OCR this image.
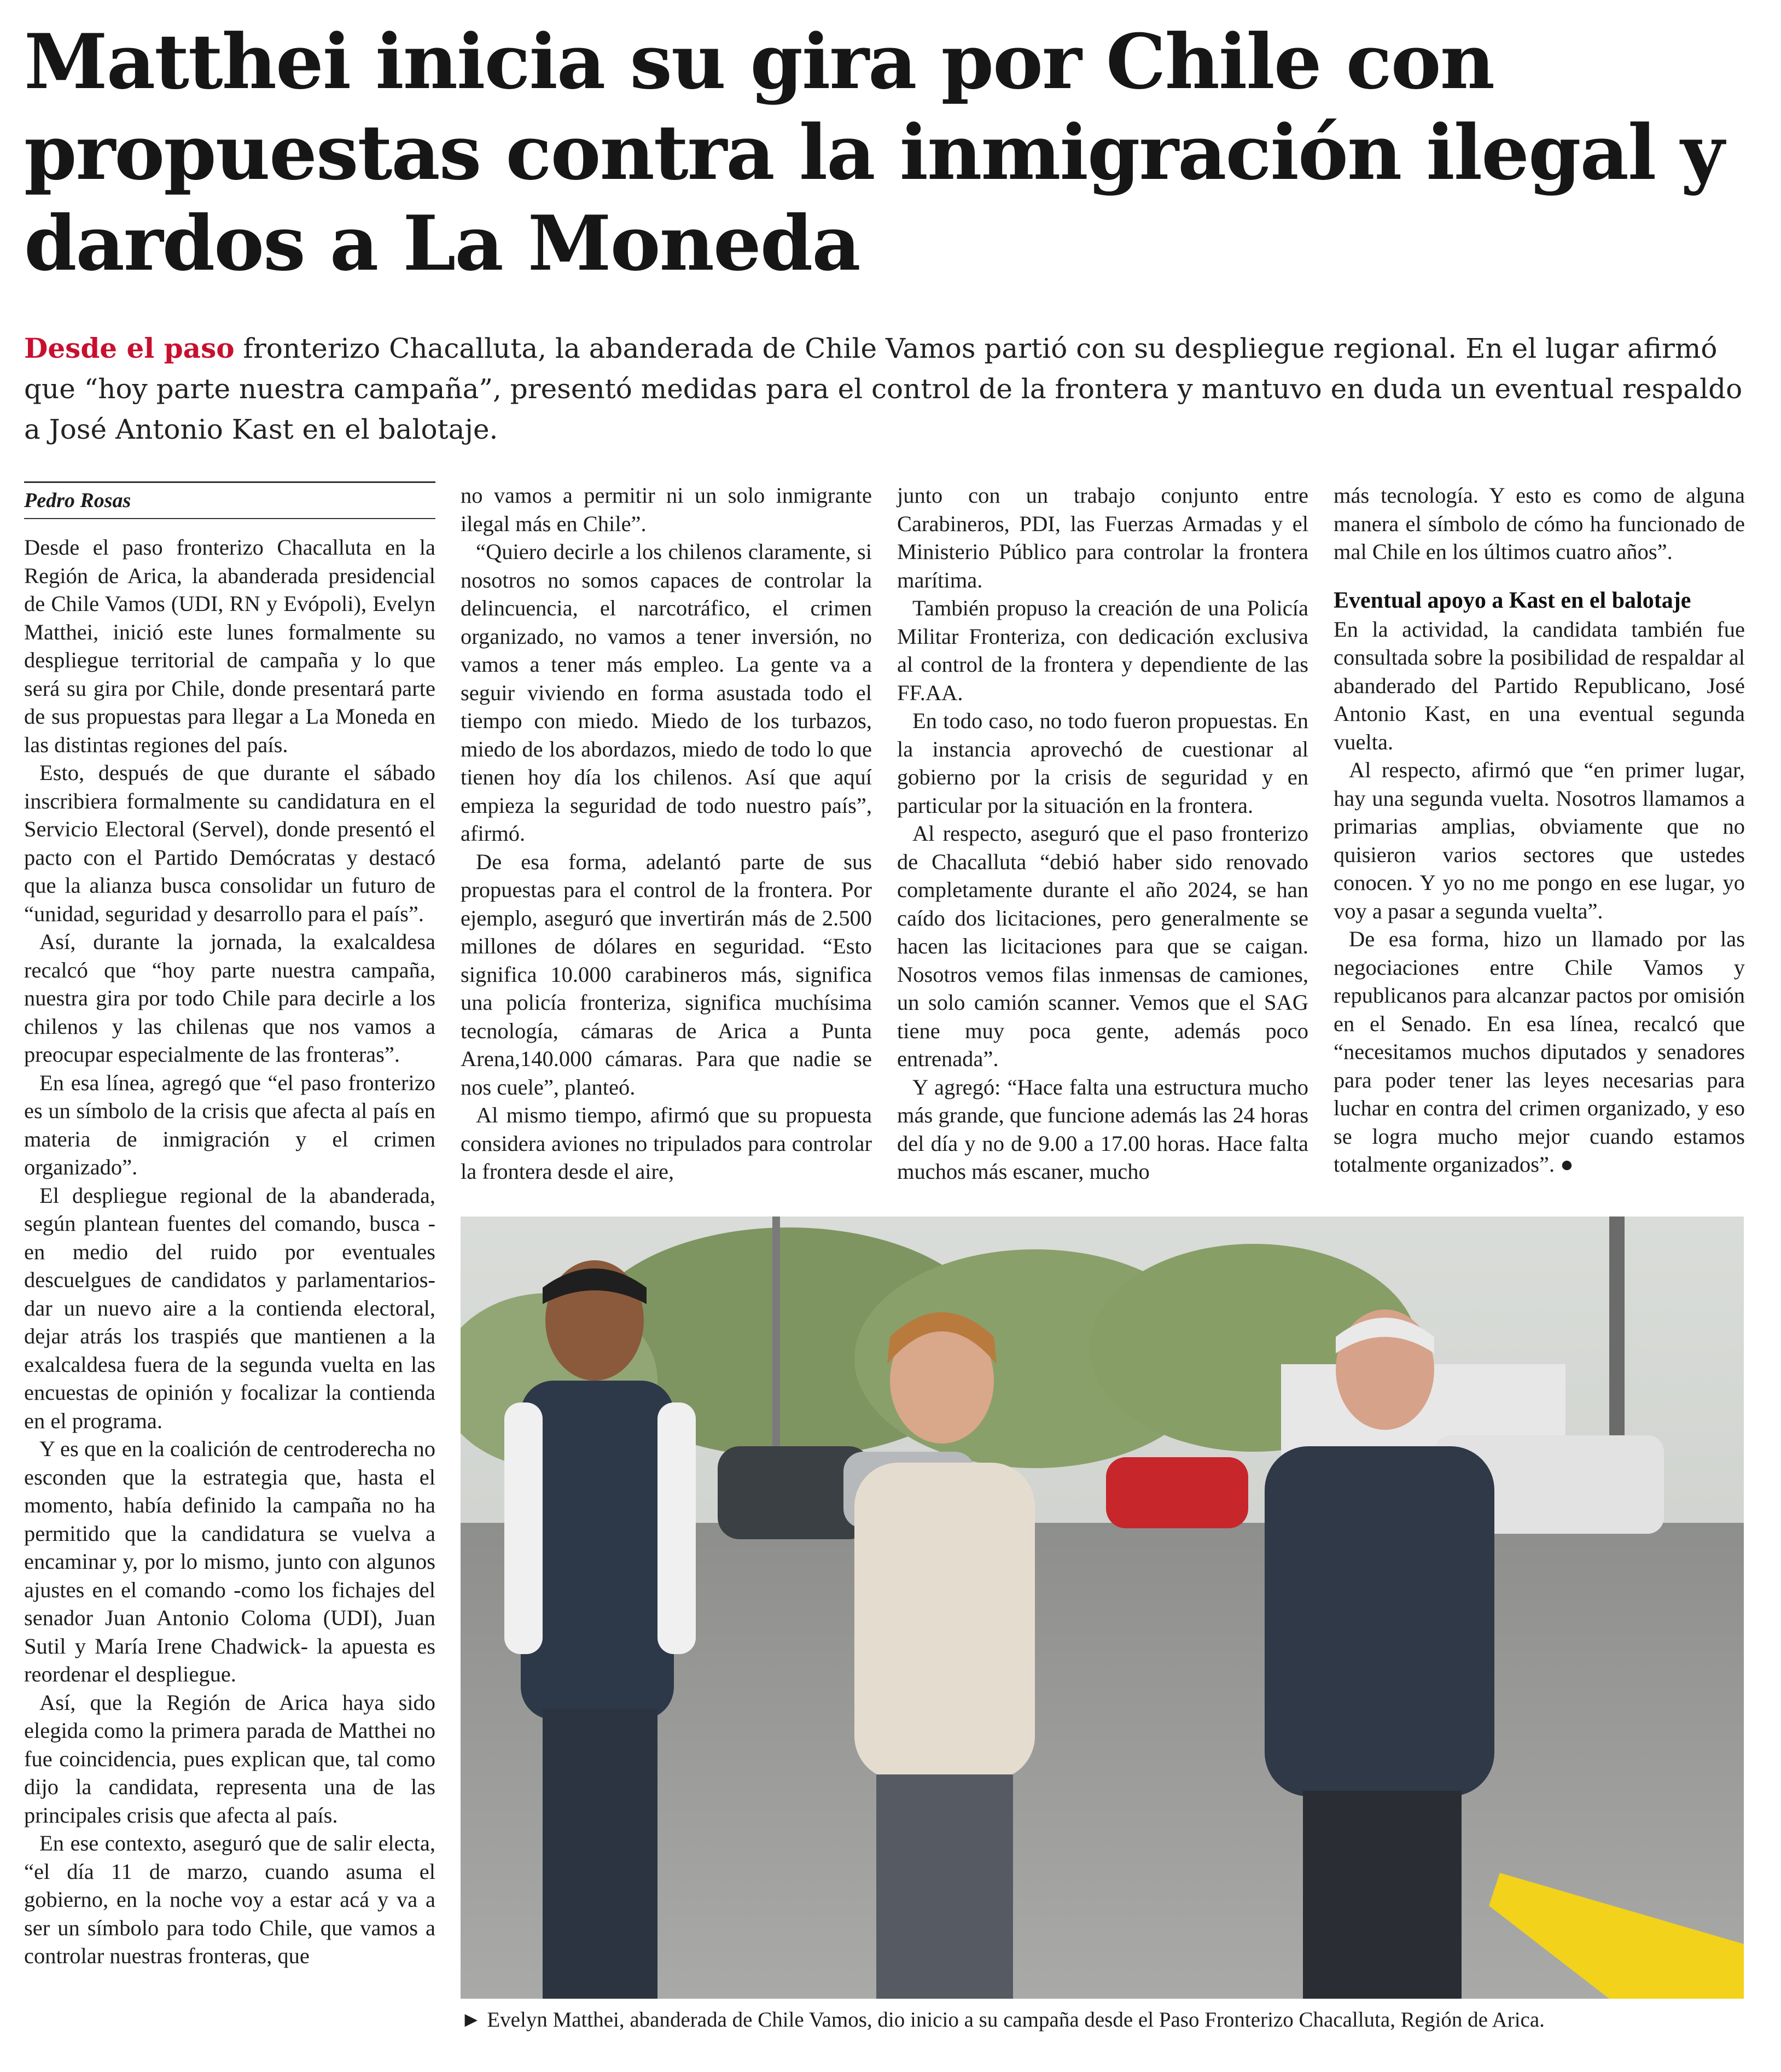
Matthei inicia su gira por Chile con propuestas contra la inmigración ilegal y dardos a La Moneda
Desde el paso fronterizo Chacalluta, la abanderada de Chile Vamos partió con su despliegue regional. En el lugar afirmó que “hoy parte nuestra campaña”, presentó medidas para el control de la frontera y mantuvo en duda un eventual respaldo a José Antonio Kast en el balotaje.
Pedro Rosas

Desde el paso fronterizo Chacalluta en la Región de Arica, la abanderada presidencial de Chile Vamos (UDI, RN y Evópoli), Evelyn Matthei, inició este lunes formalmente su despliegue territorial de campaña y lo que será su gira por Chile, donde presentará parte de sus propuestas para llegar a La Moneda en las distintas regiones del país.

Esto, después de que durante el sábado inscribiera formalmente su candidatura en el Servicio Electoral (Servel), donde presentó el pacto con el Partido Demócratas y destacó que la alianza busca consolidar un futuro de “unidad, seguridad y desarrollo para el país”.

Así, durante la jornada, la exalcaldesa recalcó que “hoy parte nuestra campaña, nuestra gira por todo Chile para decirle a los chilenos y las chilenas que nos vamos a preocupar especialmente de las fronteras”.

En esa línea, agregó que “el paso fronterizo es un símbolo de la crisis que afecta al país en materia de inmigración y el crimen organizado”.

El despliegue regional de la abanderada, según plantean fuentes del comando, busca -en medio del ruido por eventuales descuelgues de candidatos y parlamentarios- dar un nuevo aire a la contienda electoral, dejar atrás los traspiés que mantienen a la exalcaldesa fuera de la segunda vuelta en las encuestas de opinión y focalizar la contienda en el programa.

Y es que en la coalición de centroderecha no esconden que la estrategia que, hasta el momento, había definido la campaña no ha permitido que la candidatura se vuelva a encaminar y, por lo mismo, junto con algunos ajustes en el comando -como los fichajes del senador Juan Antonio Coloma (UDI), Juan Sutil y María Irene Chadwick- la apuesta es reordenar el despliegue.

Así, que la Región de Arica haya sido elegida como la primera parada de Matthei no fue coincidencia, pues explican que, tal como dijo la candidata, representa una de las principales crisis que afecta al país.

En ese contexto, aseguró que de salir electa, “el día 11 de marzo, cuando asuma el gobierno, en la noche voy a estar acá y va a ser un símbolo para todo Chile, que vamos a controlar nuestras fronteras, que

no vamos a permitir ni un solo inmigrante ilegal más en Chile”.

“Quiero decirle a los chilenos claramente, si nosotros no somos capaces de controlar la delincuencia, el narcotráfico, el crimen organizado, no vamos a tener inversión, no vamos a tener más empleo. La gente va a seguir viviendo en forma asustada todo el tiempo con miedo. Miedo de los turbazos, miedo de los abordazos, miedo de todo lo que tienen hoy día los chilenos. Así que aquí empieza la seguridad de todo nuestro país”, afirmó.

De esa forma, adelantó parte de sus propuestas para el control de la frontera. Por ejemplo, aseguró que invertirán más de 2.500 millones de dólares en seguridad. “Esto significa 10.000 carabineros más, significa una policía fronteriza, significa muchísima tecnología, cámaras de Arica a Punta Arena,140.000 cámaras. Para que nadie se nos cuele”, planteó.

Al mismo tiempo, afirmó que su propuesta considera aviones no tripulados para controlar la frontera desde el aire,

junto con un trabajo conjunto entre Carabineros, PDI, las Fuerzas Armadas y el Ministerio Público para controlar la frontera marítima.

También propuso la creación de una Policía Militar Fronteriza, con dedicación exclusiva al control de la frontera y dependiente de las FF.AA.

En todo caso, no todo fueron propuestas. En la instancia aprovechó de cuestionar al gobierno por la crisis de seguridad y en particular por la situación en la frontera.

Al respecto, aseguró que el paso fronterizo de Chacalluta “debió haber sido renovado completamente durante el año 2024, se han caído dos licitaciones, pero generalmente se hacen las licitaciones para que se caigan. Nosotros vemos filas inmensas de camiones, un solo camión scanner. Vemos que el SAG tiene muy poca gente, además poco entrenada”.

Y agregó: “Hace falta una estructura mucho más grande, que funcione además las 24 horas del día y no de 9.00 a 17.00 horas. Hace falta muchos más escaner, mucho

más tecnología. Y esto es como de alguna manera el símbolo de cómo ha funcionado de mal Chile en los últimos cuatro años”.

Eventual apoyo a Kast en el balotaje

En la actividad, la candidata también fue consultada sobre la posibilidad de respaldar al abanderado del Partido Republicano, José Antonio Kast, en una eventual segunda vuelta.

Al respecto, afirmó que “en primer lugar, hay una segunda vuelta. Nosotros llamamos a primarias amplias, obviamente que no quisieron varios sectores que ustedes conocen. Y yo no me pongo en ese lugar, yo voy a pasar a segunda vuelta”.

De esa forma, hizo un llamado por las negociaciones entre Chile Vamos y republicanos para alcanzar pactos por omisión en el Senado. En esa línea, recalcó que “necesitamos muchos diputados y senadores para poder tener las leyes necesarias para luchar en contra del crimen organizado, y eso se logra mucho mejor cuando estamos totalmente organizados”. ●

► Evelyn Matthei, abanderada de Chile Vamos, dio inicio a su campaña desde el Paso Fronterizo Chacalluta, Región de Arica.
